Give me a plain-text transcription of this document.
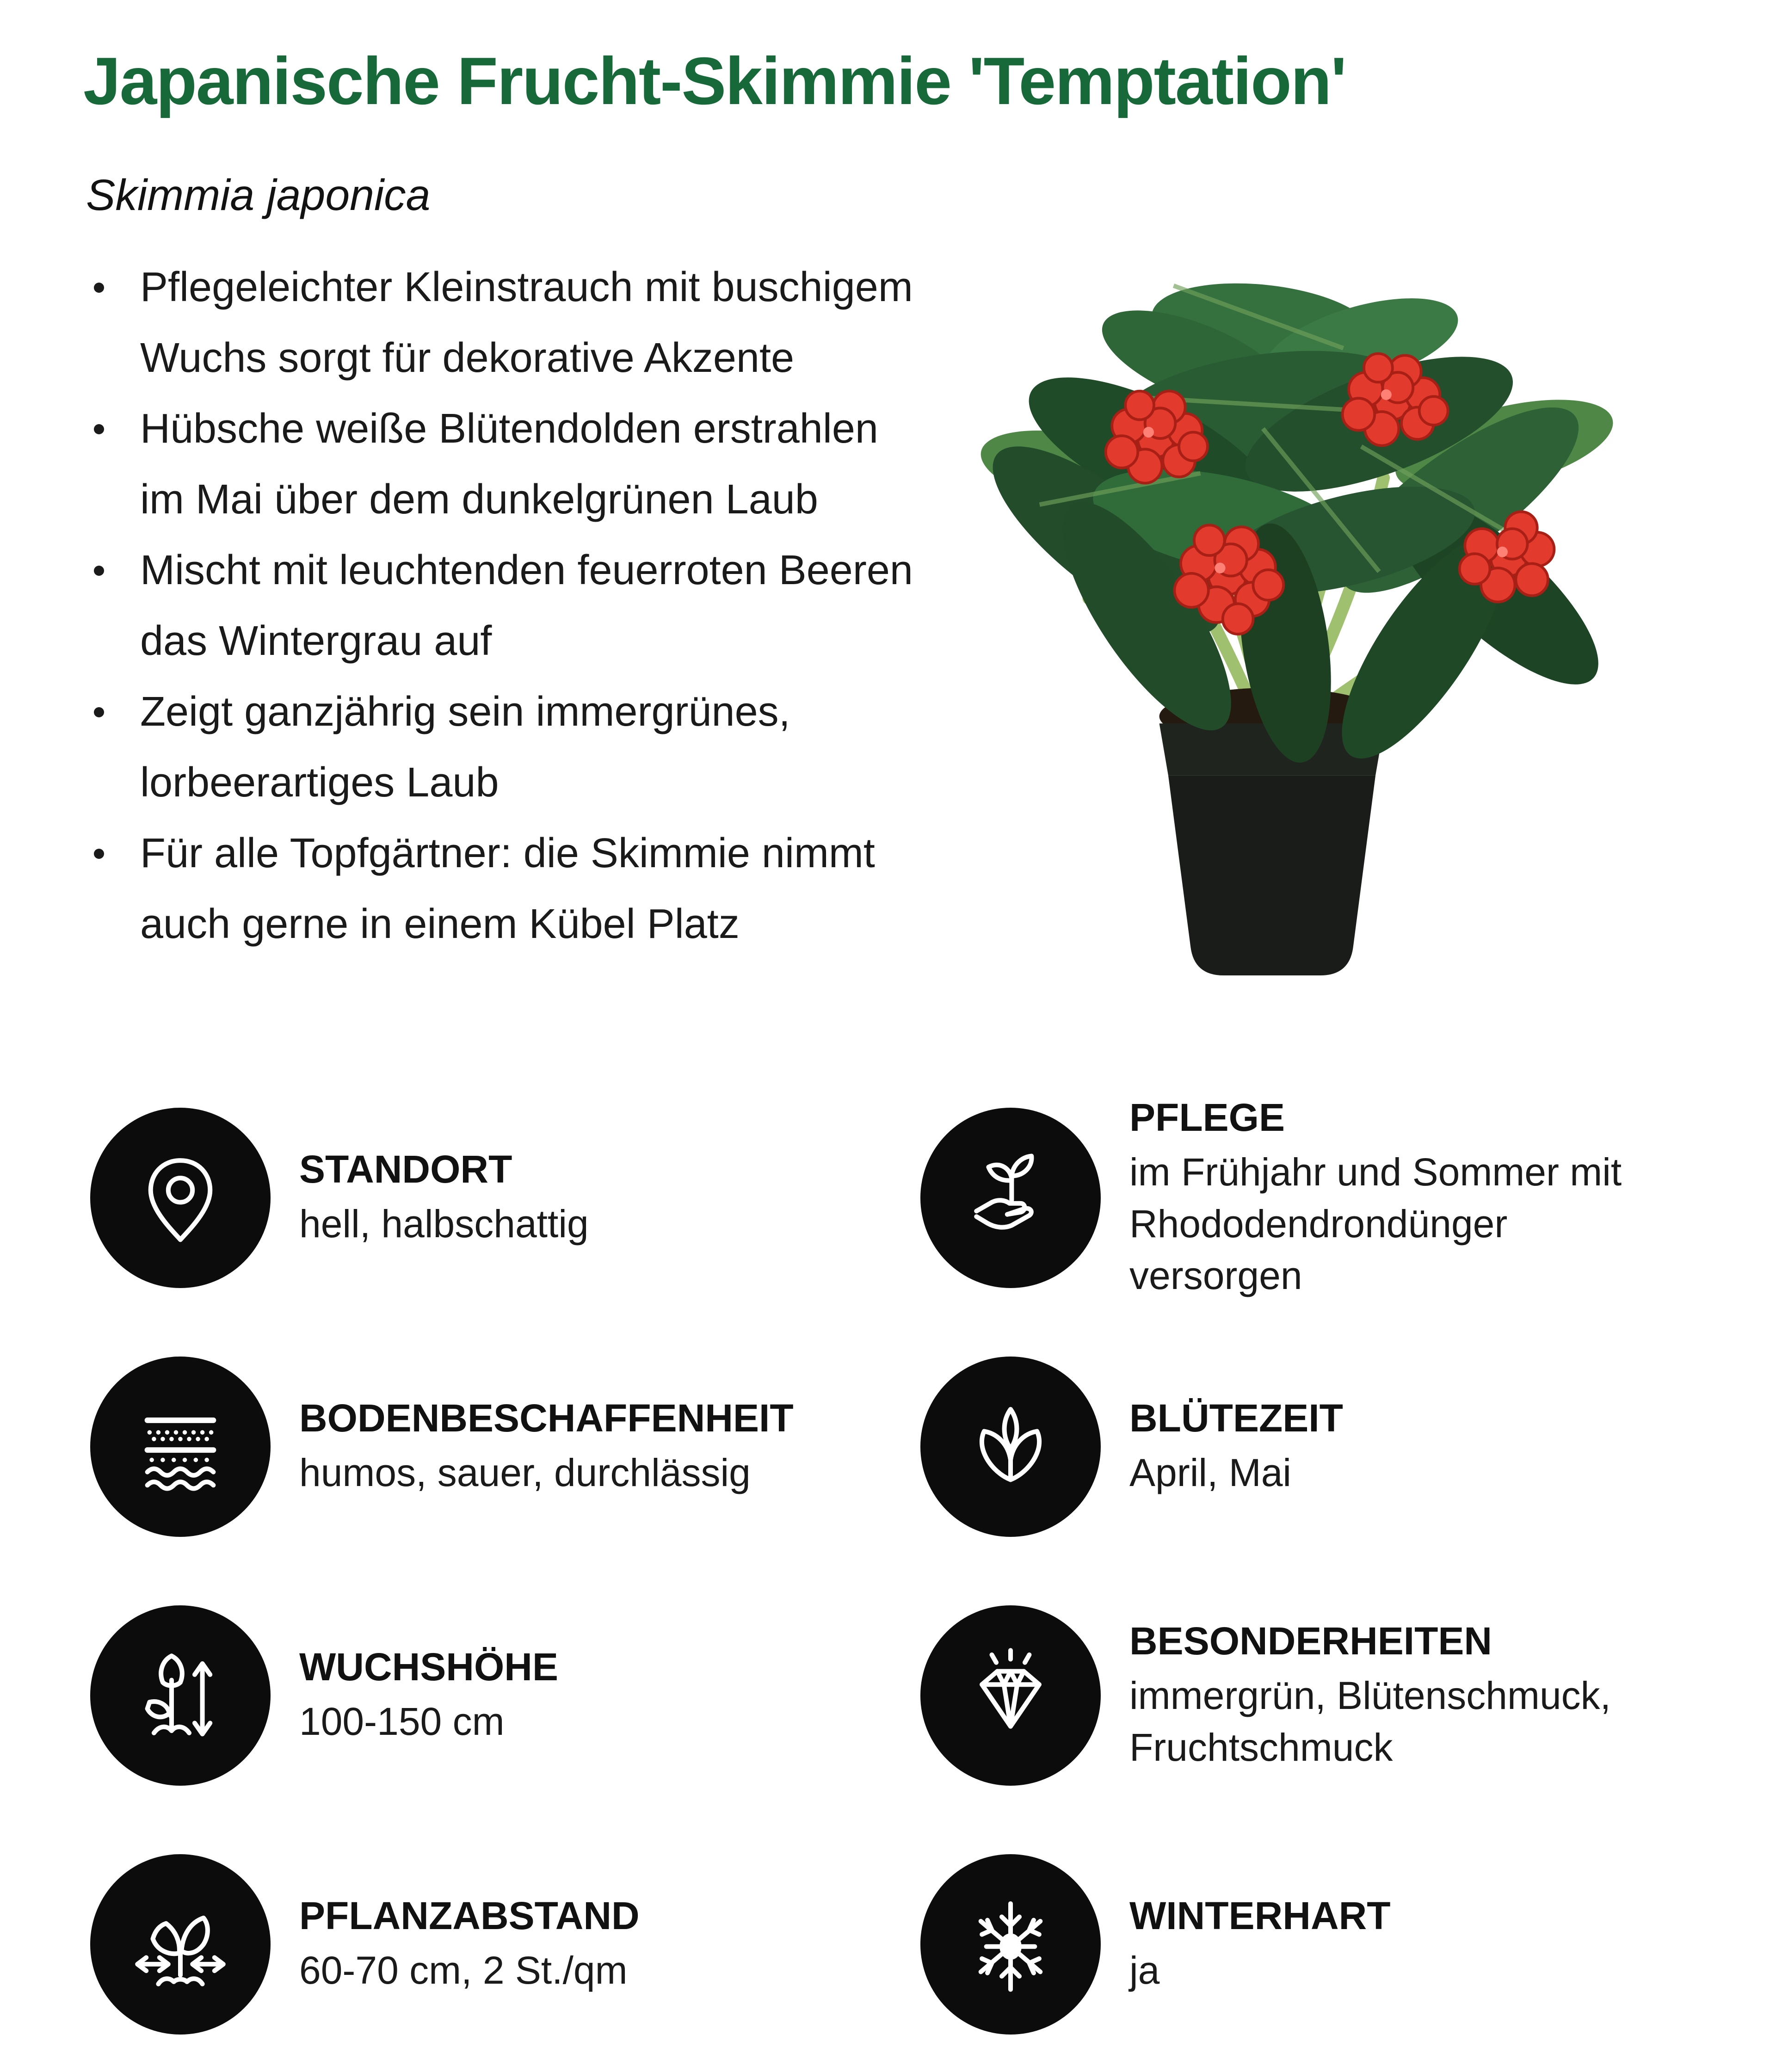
Japanische Frucht-Skimmie 'Temptation'
Skimmia japonica
Pflegeleichter Kleinstrauch mit buschigem
Wuchs sorgt für dekorative Akzente
Hübsche weiße Blütendolden erstrahlen
im Mai über dem dunkelgrünen Laub
Mischt mit leuchtenden feuerroten Beeren
das Wintergrau auf
Zeigt ganzjährig sein immergrünes,
lorbeerartiges Laub
Für alle Topfgärtner: die Skimmie nimmt
auch gerne in einem Kübel Platz
STANDORT
hell, halbschattig
PFLEGE
im Frühjahr und Sommer mit Rhododendrondünger versorgen
BODENBESCHAFFENHEIT
humos, sauer, durchlässig
BLÜTEZEIT
April, Mai
WUCHSHÖHE
100-150 cm
BESONDERHEITEN
immergrün, Blütenschmuck, Fruchtschmuck
PFLANZABSTAND
60-70 cm, 2 St./qm
WINTERHART
ja
